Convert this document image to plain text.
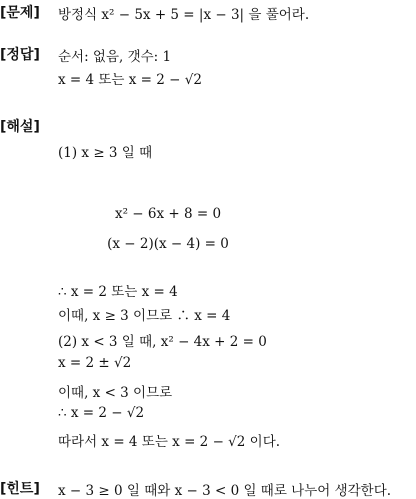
[문제] 방정식 x² − 5x + 5 = |x − 3| 을 풀어라.
[정답] 순서: 없음, 갯수: 1
x = 4 또는 x = 2 − √2
[해설]
(1) x ≥ 3 일 때
x² − 6x + 8 = 0
(x − 2)(x − 4) = 0
∴ x = 2 또는 x = 4
이때, x ≥ 3 이므로 ∴ x = 4
(2) x < 3 일 때, x² − 4x + 2 = 0
x = 2 ± √2
이때, x < 3 이므로
∴ x = 2 − √2
따라서 x = 4 또는 x = 2 − √2 이다.
[힌트] x − 3 ≥ 0 일 때와 x − 3 < 0 일 때로 나누어 생각한다.
